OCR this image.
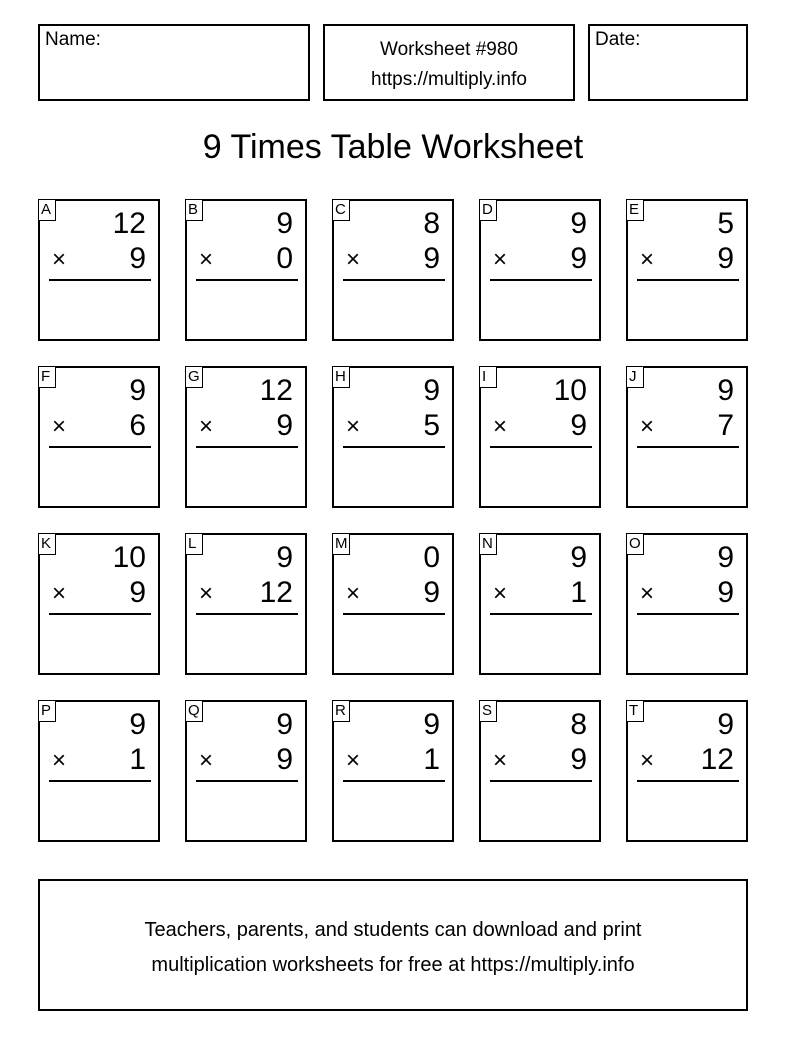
Name:	Worksheet #980
https://multiply.info
Date:
9 Times Table Worksheet
A 12
× 9
B	9
× 0
C	8
× 9
D	9
× 9
E	5
× 9
F	9
× 6
G 12
× 9
H	9
× 5
I	10
× 9
J	9
× 7
K 10
× 9
L	9
× 12
M	0
× 9
N	9
× 1
O	9
× 9
P	9
× 1
Q	9
× 9
R	9
× 1
S	8
× 9
T	9
× 12
Teachers, parents, and students can download and print
multiplication worksheets for free at https://multiply.info
